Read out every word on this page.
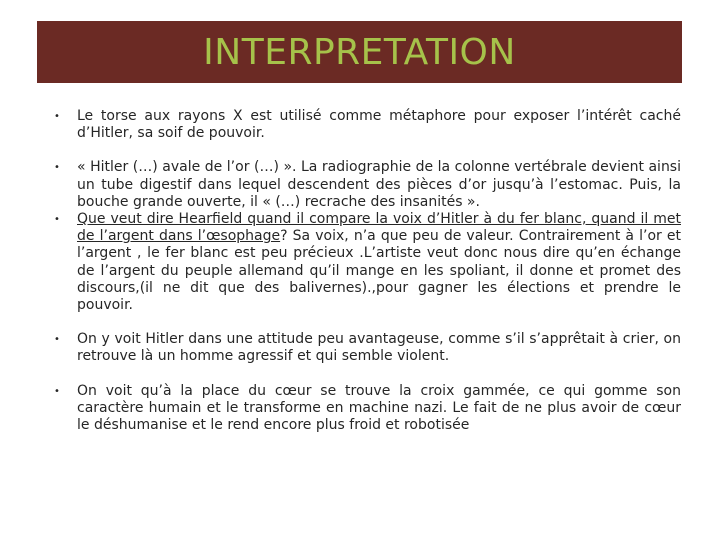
INTERPRETATION
• Le torse aux rayons X est utilisé comme métaphore pour exposer l’intérêt caché d’Hitler, sa soif de pouvoir.

•
•

« Hitler (…) avale de l’or (…) ». La radiographie de la colonne vertébrale devient ainsi un tube digestif dans lequel descendent des pièces d’or jusqu’à l’estomac. Puis, la bouche grande ouverte, il « (…) recrache des insanités ».
Que veut dire Hearfield quand il compare la voix d’Hitler à du fer blanc, quand il met de l’argent dans l’œsophage? Sa voix, n’a que peu de valeur. Contrairement à l’or et l’argent , le fer blanc est peu précieux .L’artiste veut donc nous dire qu’en échange de l’argent du peuple allemand qu’il mange en les spoliant, il donne et promet des discours,(il ne dit que des balivernes).,pour gagner les élections et prendre le pouvoir.

• On y voit Hitler dans une attitude peu avantageuse, comme s’il s’apprêtait à crier, on retrouve là un homme agressif et qui semble violent.

• On voit qu’à la place du cœur se trouve la croix gammée, ce qui gomme son caractère humain et le transforme en machine nazi. Le fait de ne plus avoir de cœur le déshumanise et le rend encore plus froid et robotisée
